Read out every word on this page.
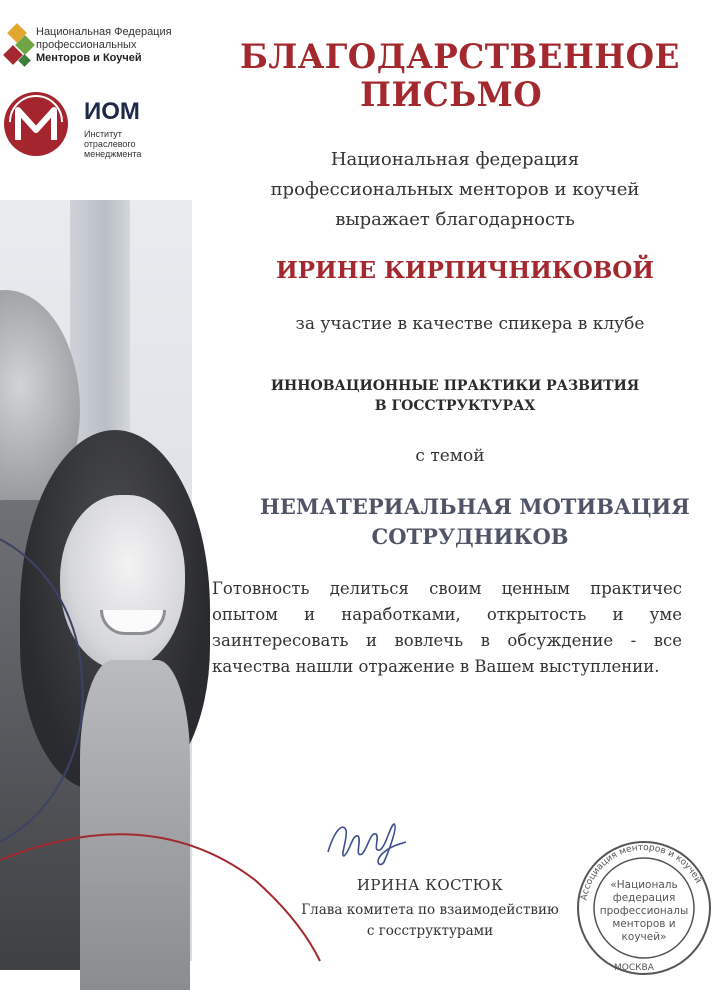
Национальная Федерация
профессиональных
Менторов и Коучей
ИОМ
Институт
отраслевого
менеджмента
БЛАГОДАРСТВЕННОЕ
ПИСЬМО
Национальная федерация
профессиональных менторов и коучей
выражает благодарность
ИРИНЕ КИРПИЧНИКОВОЙ
за участие в качестве спикера в клубе
ИННОВАЦИОННЫЕ ПРАКТИКИ РАЗВИТИЯ
В ГОССТРУКТУРАХ
с темой
НЕМАТЕРИАЛЬНАЯ МОТИВАЦИЯ
СОТРУДНИКОВ
Готовность делиться своим ценным практичес
опытом и наработками, открытость и уме
заинтересовать и вовлечь в обсуждение - все
качества нашли отражение в Вашем выступлении.
ИРИНА КОСТЮК
Глава комитета по взаимодействию
с госструктурами
Ассоциация менторов и коучей
МОСКВА
«Националь
федерация
профессионалы
менторов и
коучей»
